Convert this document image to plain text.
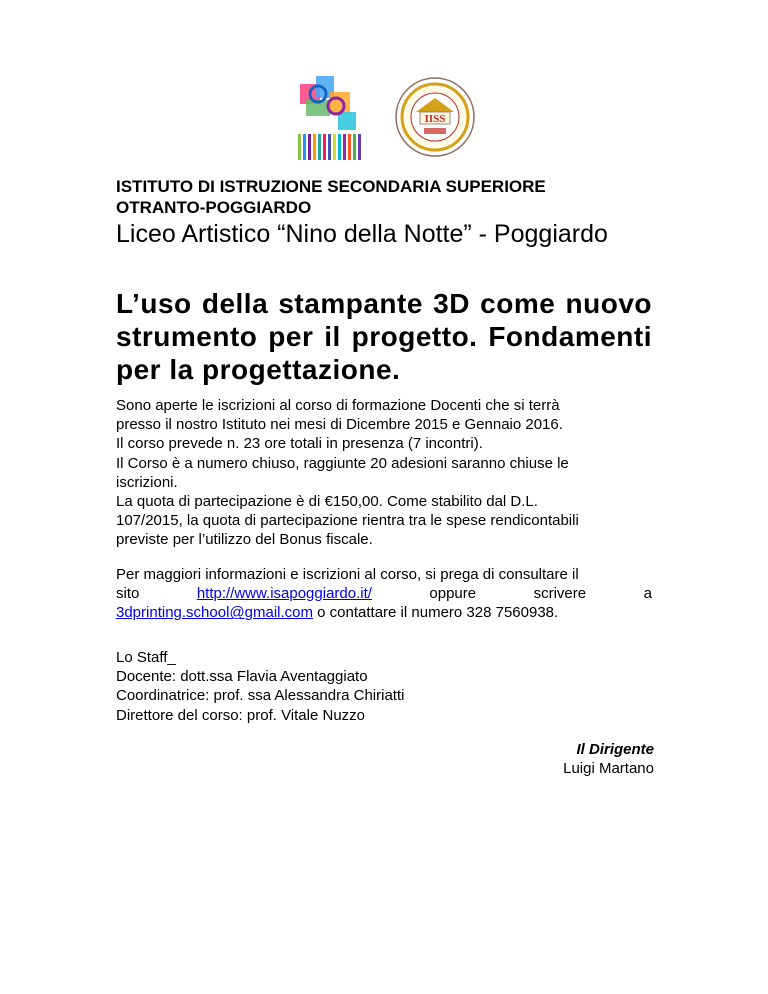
IISS

ISTITUTO DI ISTRUZIONE SECONDARIA SUPERIORE

OTRANTO-POGGIARDO

Liceo Artistico “Nino della Notte” - Poggiardo

L’uso della stampante 3D come nuovo strumento per il progetto. Fondamenti per la progettazione.
Sono aperte le iscrizioni al corso di formazione Docenti che si terrà
presso il nostro Istituto nei mesi di Dicembre 2015 e Gennaio 2016.
Il corso prevede n. 23 ore totali in presenza (7 incontri).
Il Corso è a numero chiuso, raggiunte 20 adesioni saranno chiuse le
iscrizioni.
La quota di partecipazione è di €150,00. Come stabilito dal D.L.
107/2015, la quota di partecipazione rientra tra le spese rendicontabili
previste per l’utilizzo del Bonus fiscale.
Per maggiori informazioni e iscrizioni al corso, si prega di consultare il
sito	http://www.isapoggiardo.it/	oppure	scrivere	a
3dprinting.school@gmail.com o contattare il numero 328 7560938.
Lo Staff_
Docente: dott.ssa Flavia Aventaggiato
Coordinatrice: prof. ssa Alessandra Chiriatti
Direttore del corso: prof. Vitale Nuzzo
Il Dirigente
Luigi Martano
